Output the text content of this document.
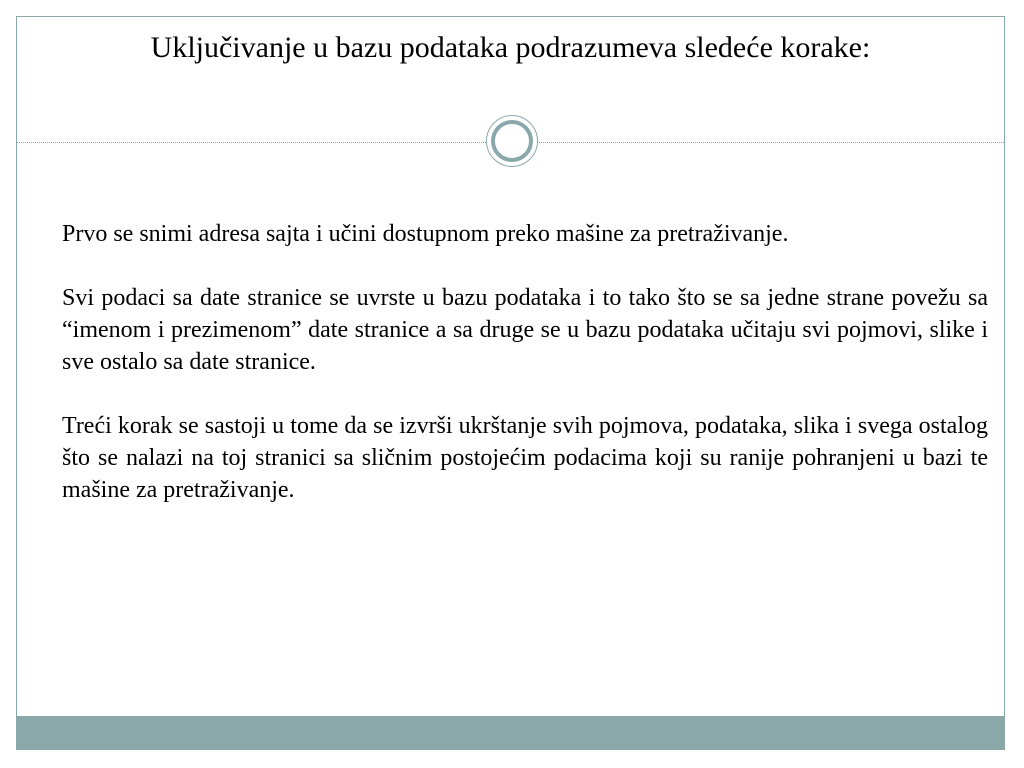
Uključivanje u bazu podataka podrazumeva sledeće korake:

Prvo se snimi adresa sajta i učini dostupnom preko mašine za pretraživanje.

Svi podaci sa date stranice se uvrste u bazu podataka i to tako što se sa jedne strane povežu sa “imenom i prezimenom” date stranice a sa druge se u bazu podataka učitaju svi pojmovi, slike i sve ostalo sa date stranice.

Treći korak se sastoji u tome da se izvrši ukrštanje svih pojmova, podataka, slika i svega ostalog što se nalazi na toj stranici sa sličnim postojećim podacima koji su ranije pohranjeni u bazi te mašine za pretraživanje.
